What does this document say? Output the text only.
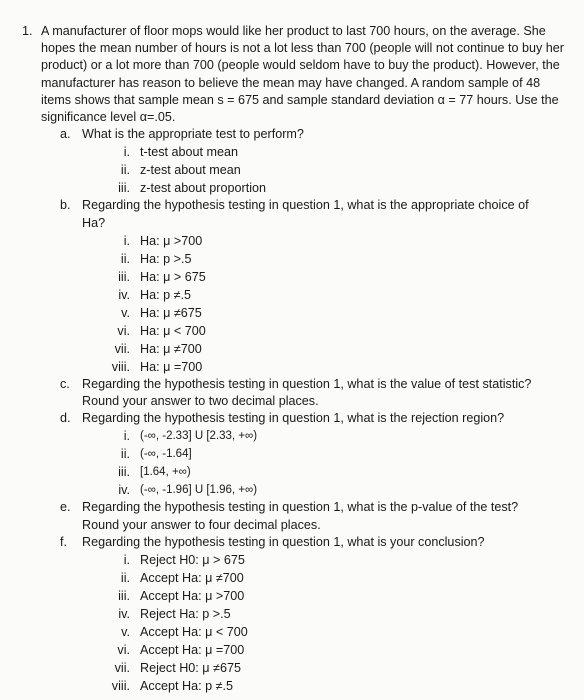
1. A manufacturer of floor mops would like her product to last 700 hours, on the average. She hopes the mean number of hours is not a lot less than 700 (people will not continue to buy her product) or a lot more than 700 (people would seldom have to buy the product). However, the manufacturer has reason to believe the mean may have changed. A random sample of 48 items shows that sample mean s = 675 and sample standard deviation α = 77 hours. Use the significance level α=.05.
a. What is the appropriate test to perform?
i. t-test about mean
ii. z-test about mean
iii. z-test about proportion
b. Regarding the hypothesis testing in question 1, what is the appropriate choice of Ha?
i. Ha: μ >700
ii. Ha: p >.5
iii. Ha: μ > 675
iv. Ha: p ≠.5
v. Ha: μ ≠675
vi. Ha: μ < 700
vii. Ha: μ ≠700
viii. Ha: μ =700
c. Regarding the hypothesis testing in question 1, what is the value of test statistic? Round your answer to two decimal places.
d. Regarding the hypothesis testing in question 1, what is the rejection region?
i. (-∞, -2.33] U [2.33, +∞)
ii. (-∞, -1.64]
iii. [1.64, +∞)
iv. (-∞, -1.96] U [1.96, +∞)
e. Regarding the hypothesis testing in question 1, what is the p-value of the test? Round your answer to four decimal places.
f. Regarding the hypothesis testing in question 1, what is your conclusion?
i. Reject H0: μ > 675
ii. Accept Ha: μ ≠700
iii. Accept Ha: μ >700
iv. Reject Ha: p >.5
v. Accept Ha: μ < 700
vi. Accept Ha: μ =700
vii. Reject H0: μ ≠675
viii. Accept Ha: p ≠.5
